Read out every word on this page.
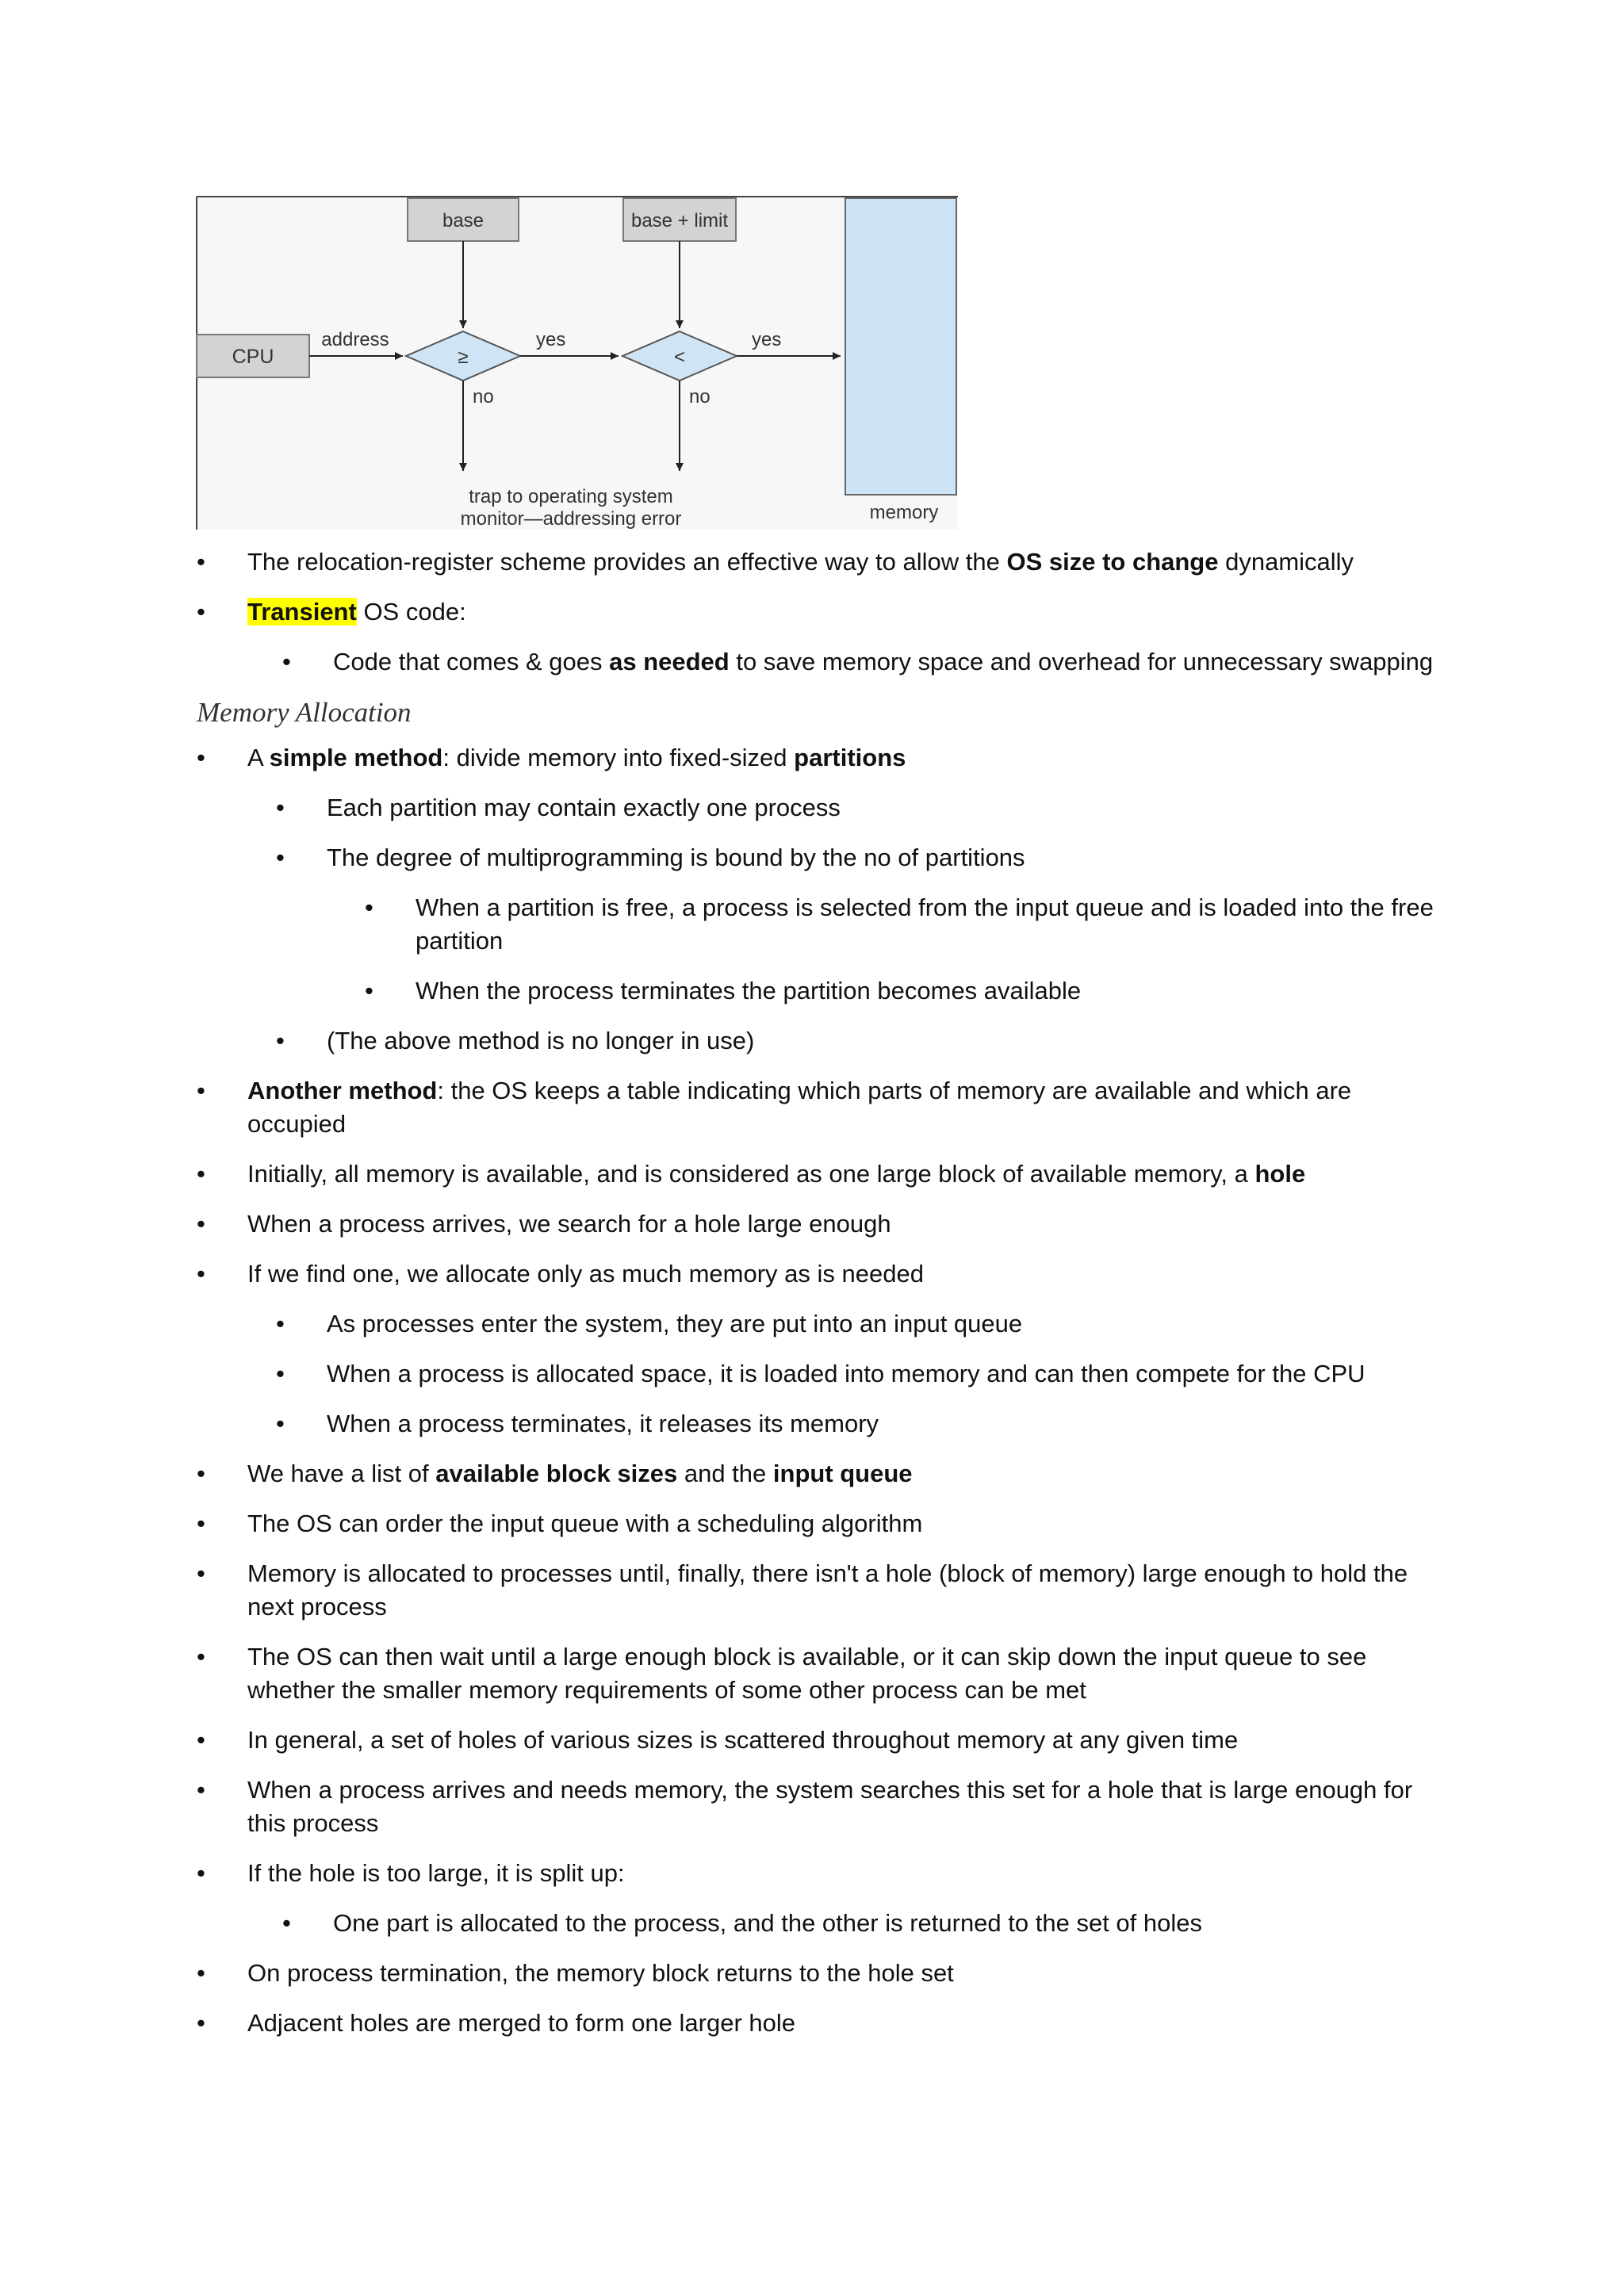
CPU
address
base
≥
yes
no
base + limit
<
yes
no
trap to operating system
monitor—addressing error	memory
• The relocation-register scheme provides an effective way to allow the OS size to change dynamically
• Transient OS code:
• Code that comes & goes as needed to save memory space and overhead for unnecessary swapping
Memory Allocation
• A simple method: divide memory into fixed-sized partitions
• Each partition may contain exactly one process
• The degree of multiprogramming is bound by the no of partitions
• When a partition is free, a process is selected from the input queue and is loaded into the free partition
• When the process terminates the partition becomes available
• (The above method is no longer in use)
• Another method: the OS keeps a table indicating which parts of memory are available and which are occupied
• Initially, all memory is available, and is considered as one large block of available memory, a hole
• When a process arrives, we search for a hole large enough
• If we find one, we allocate only as much memory as is needed
• As processes enter the system, they are put into an input queue
• When a process is allocated space, it is loaded into memory and can then compete for the CPU
• When a process terminates, it releases its memory
• We have a list of available block sizes and the input queue
• The OS can order the input queue with a scheduling algorithm
• Memory is allocated to processes until, finally, there isn't a hole (block of memory) large enough to hold the next process
• The OS can then wait until a large enough block is available, or it can skip down the input queue to see whether the smaller memory requirements of some other process can be met
• In general, a set of holes of various sizes is scattered throughout memory at any given time
• When a process arrives and needs memory, the system searches this set for a hole that is large enough for this process
• If the hole is too large, it is split up:
• One part is allocated to the process, and the other is returned to the set of holes
• On process termination, the memory block returns to the hole set
• Adjacent holes are merged to form one larger hole
